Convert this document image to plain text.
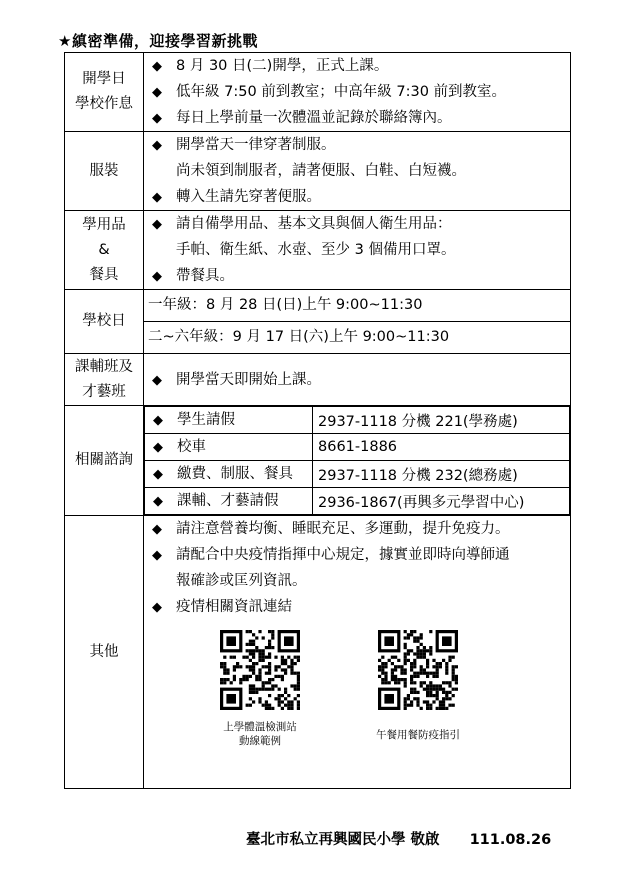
★縝密準備，迎接學習新挑戰
開學日
學校作息

◆ 8 月 30 日(二)開學，正式上課。
◆ 低年級 7:50 前到教室；中高年級 7:30 前到教室。
◆ 每日上學前量一次體溫並記錄於聯絡簿內。

服裝	
◆ 開學當天一律穿著制服。
尚未領到制服者，請著便服、白鞋、白短襪。
◆ 轉入生請先穿著便服。

學用品
&
餐具

◆ 請自備學用品、基本文具與個人衛生用品：
手帕、衛生紙、水壺、至少 3 個備用口罩。
◆ 帶餐具。

學校日	
一年級：8 月 28 日(日)上午 9:00~11:30
二~六年級：9 月 17 日(六)上午 9:00~11:30

課輔班及
才藝班

◆ 開學當天即開始上課。

相關諮詢	
◆ 學生請假	2937-1118 分機 221(學務處)

◆ 校車	8661-1886

◆ 繳費、制服、餐具	2937-1118 分機 232(總務處)

◆ 課輔、才藝請假	2936-1867(再興多元學習中心)

其他	
◆ 請注意營養均衡、睡眠充足、多運動，提升免疫力。
◆ 請配合中央疫情指揮中心規定，據實並即時向導師通
報確診或匡列資訊。
◆ 疫情相關資訊連結
上學體溫檢測站
動線範例	午餐用餐防疫指引
臺北市私立再興國民小學 敬啟 111.08.26
